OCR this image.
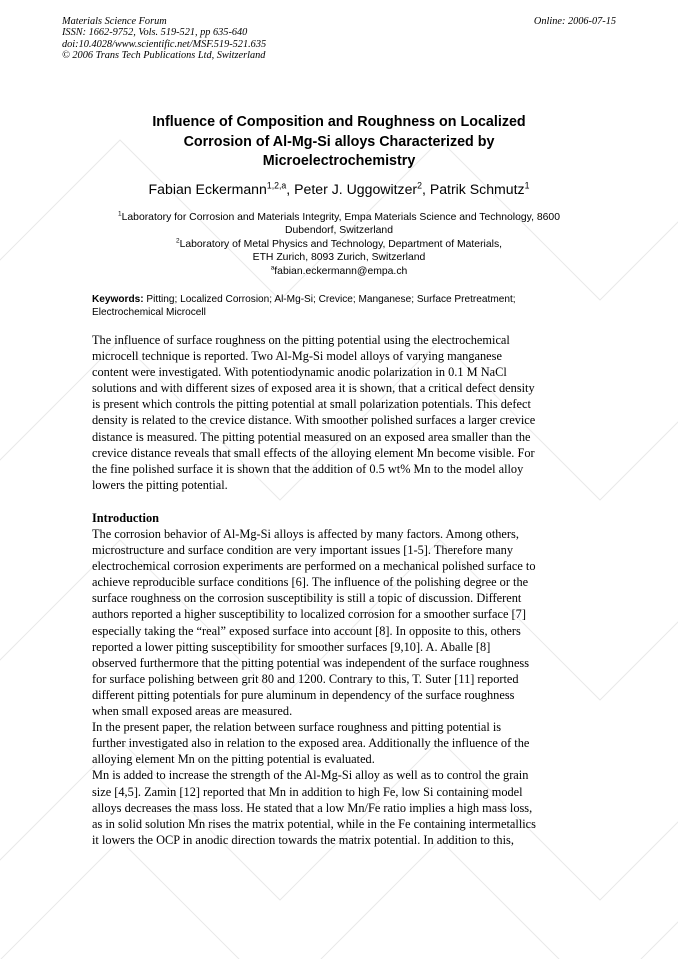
Materials Science Forum
ISSN: 1662-9752, Vols. 519-521, pp 635-640
doi:10.4028/www.scientific.net/MSF.519-521.635
© 2006 Trans Tech Publications Ltd, Switzerland
Online: 2006-07-15
Influence of Composition and Roughness on Localized
Corrosion of Al-Mg-Si alloys Characterized by
Microelectrochemistry
Fabian Eckermann$^{1,2,a}$, Peter J. Uggowitzer$^2$, Patrik Schmutz$^1$
$^1$Laboratory for Corrosion and Materials Integrity, Empa Materials Science and Technology, 8600
Dubendorf, Switzerland
$^2$Laboratory of Metal Physics and Technology, Department of Materials,
ETH Zurich, 8093 Zurich, Switzerland
$^a$fabian.eckermann@empa.ch
Keywords: Pitting; Localized Corrosion; Al-Mg-Si; Crevice; Manganese; Surface Pretreatment;
Electrochemical Microcell
The influence of surface roughness on the pitting potential using the electrochemical
microcell technique is reported. Two Al-Mg-Si model alloys of varying manganese
content were investigated. With potentiodynamic anodic polarization in 0.1 M NaCl
solutions and with different sizes of exposed area it is shown, that a critical defect density
is present which controls the pitting potential at small polarization potentials. This defect
density is related to the crevice distance. With smoother polished surfaces a larger crevice
distance is measured. The pitting potential measured on an exposed area smaller than the
crevice distance reveals that small effects of the alloying element Mn become visible. For
the fine polished surface it is shown that the addition of 0.5 wt% Mn to the model alloy
lowers the pitting potential.
Introduction
The corrosion behavior of Al-Mg-Si alloys is affected by many factors. Among others,
microstructure and surface condition are very important issues [1-5]. Therefore many
electrochemical corrosion experiments are performed on a mechanical polished surface to
achieve reproducible surface conditions [6]. The influence of the polishing degree or the
surface roughness on the corrosion susceptibility is still a topic of discussion. Different
authors reported a higher susceptibility to localized corrosion for a smoother surface [7]
especially taking the “real” exposed surface into account [8]. In opposite to this, others
reported a lower pitting susceptibility for smoother surfaces [9,10]. A. Aballe [8]
observed furthermore that the pitting potential was independent of the surface roughness
for surface polishing between grit 80 and 1200. Contrary to this, T. Suter [11] reported
different pitting potentials for pure aluminum in dependency of the surface roughness
when small exposed areas are measured.
In the present paper, the relation between surface roughness and pitting potential is
further investigated also in relation to the exposed area. Additionally the influence of the
alloying element Mn on the pitting potential is evaluated.
Mn is added to increase the strength of the Al-Mg-Si alloy as well as to control the grain
size [4,5]. Zamin [12] reported that Mn in addition to high Fe, low Si containing model
alloys decreases the mass loss. He stated that a low Mn/Fe ratio implies a high mass loss,
as in solid solution Mn rises the matrix potential, while in the Fe containing intermetallics
it lowers the OCP in anodic direction towards the matrix potential. In addition to this,
